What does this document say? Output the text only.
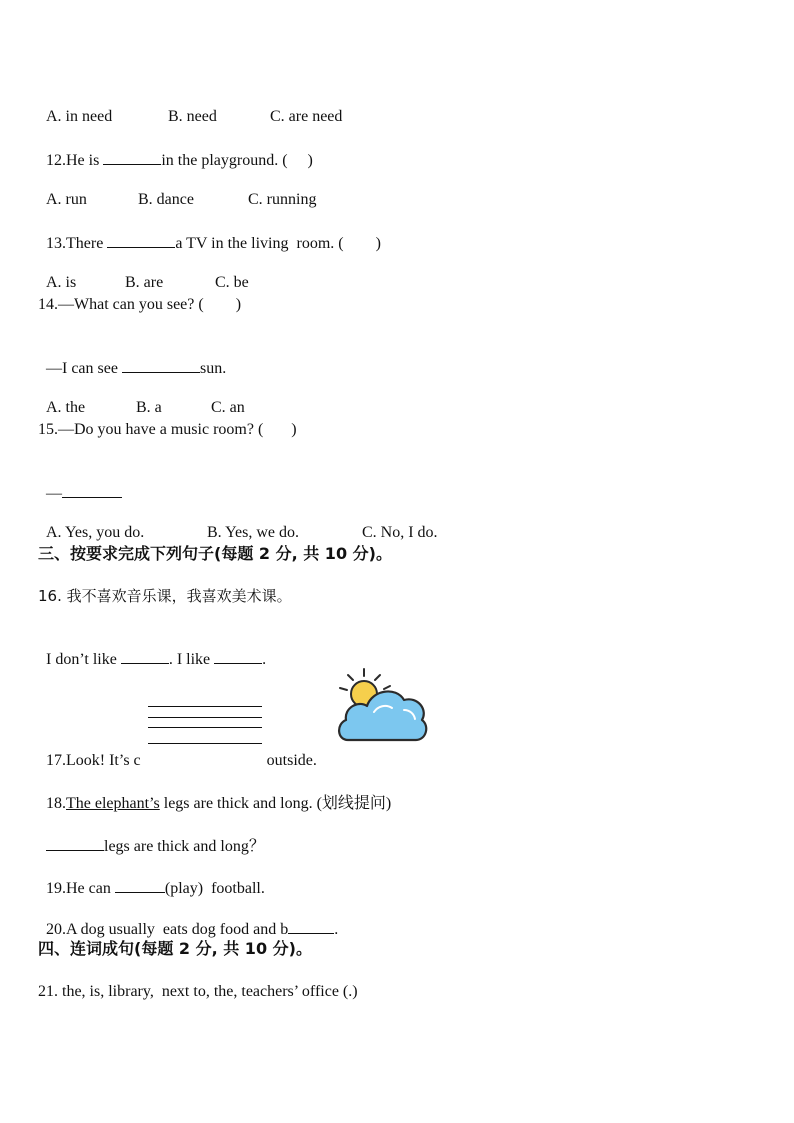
A. in need	B. need	C. are need

12.He is	in the playground. (     )

A. run	B. dance	C. running

13.There	a TV in the living  room. (        )

A. is	B. are	C. be

14.—What can you see? (        )

—I can see	sun.

A. the	B. a	C. an

15.—Do you have a music room? (       )

—

A. Yes, you do.	B. Yes, we do.	C. No, I do.

三、按要求完成下列句子(每题 2 分, 共 10 分)。
16. 我不喜欢音乐课，我喜欢美术课。

I don’t like	. I like	.

17.Look! It’s c	outside.

18.The elephant’s legs are thick and long. (划线提问)

legs are thick and long？

19.He can	(play)  football.

20.A dog usually  eats dog food and b	.

四、连词成句(每题 2 分, 共 10 分)。
21. the, is, library,  next to, the, teachers’ office (.)
